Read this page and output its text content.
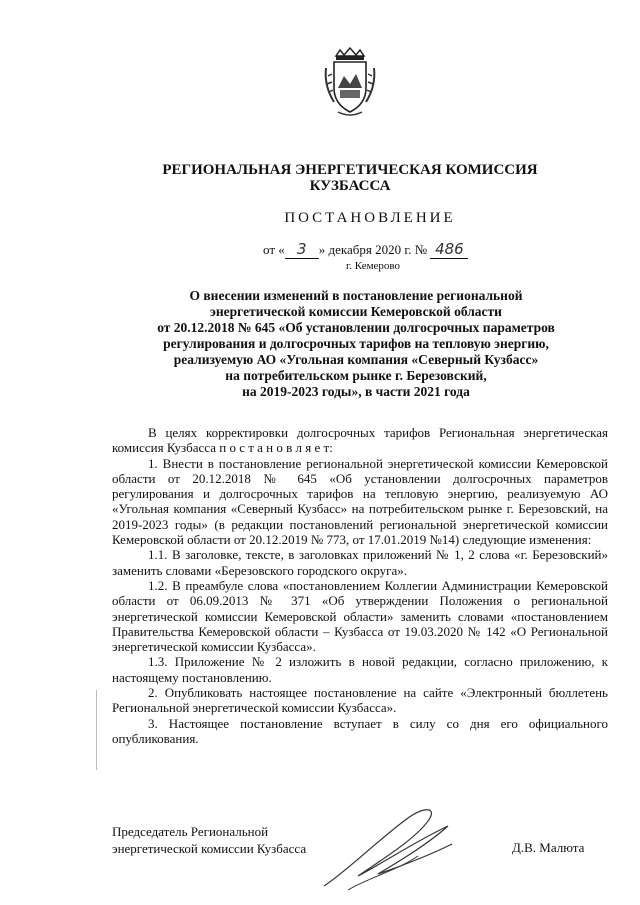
РЕГИОНАЛЬНАЯ ЭНЕРГЕТИЧЕСКАЯ КОМИССИЯ
КУЗБАССА
ПОСТАНОВЛЕНИЕ
от « 3 » декабря 2020 г. № 486
г. Кемерово
О внесении изменений в постановление региональной
энергетической комиссии Кемеровской области
от 20.12.2018 № 645 «Об установлении долгосрочных параметров
регулирования и долгосрочных тарифов на тепловую энергию,
реализуемую АО «Угольная компания «Северный Кузбасс»
на потребительском рынке г. Березовский,
на 2019-2023 годы», в части 2021 года

В целях корректировки долгосрочных тарифов Региональная энергетическая комиссия Кузбасса п о с т а н о в л я е т:

1. Внести в постановление региональной энергетической комиссии Кемеровской области от 20.12.2018 № 645 «Об установлении долгосрочных параметров регулирования и долгосрочных тарифов на тепловую энергию, реализуемую АО «Угольная компания «Северный Кузбасс» на потребительском рынке г. Березовский, на 2019-2023 годы» (в редакции постановлений региональной энергетической комиссии Кемеровской области от 20.12.2019 № 773, от 17.01.2019 №14) следующие изменения:

1.1. В заголовке, тексте, в заголовках приложений № 1, 2 слова «г. Березовский» заменить словами «Березовского городского округа».

1.2. В преамбуле слова «постановлением Коллегии Администрации Кемеровской области от 06.09.2013 № 371 «Об утверждении Положения о региональной энергетической комиссии Кемеровской области» заменить словами «постановлением Правительства Кемеровской области – Кузбасса от 19.03.2020 № 142 «О Региональной энергетической комиссии Кузбасса».

1.3. Приложение № 2 изложить в новой редакции, согласно приложению, к настоящему постановлению.

2. Опубликовать настоящее постановление на сайте «Электронный бюллетень Региональной энергетической комиссии Кузбасса».

3. Настоящее постановление вступает в силу со дня его официального опубликования.

Председатель Региональной
энергетической комиссии Кузбасса	Д.В. Малюта
